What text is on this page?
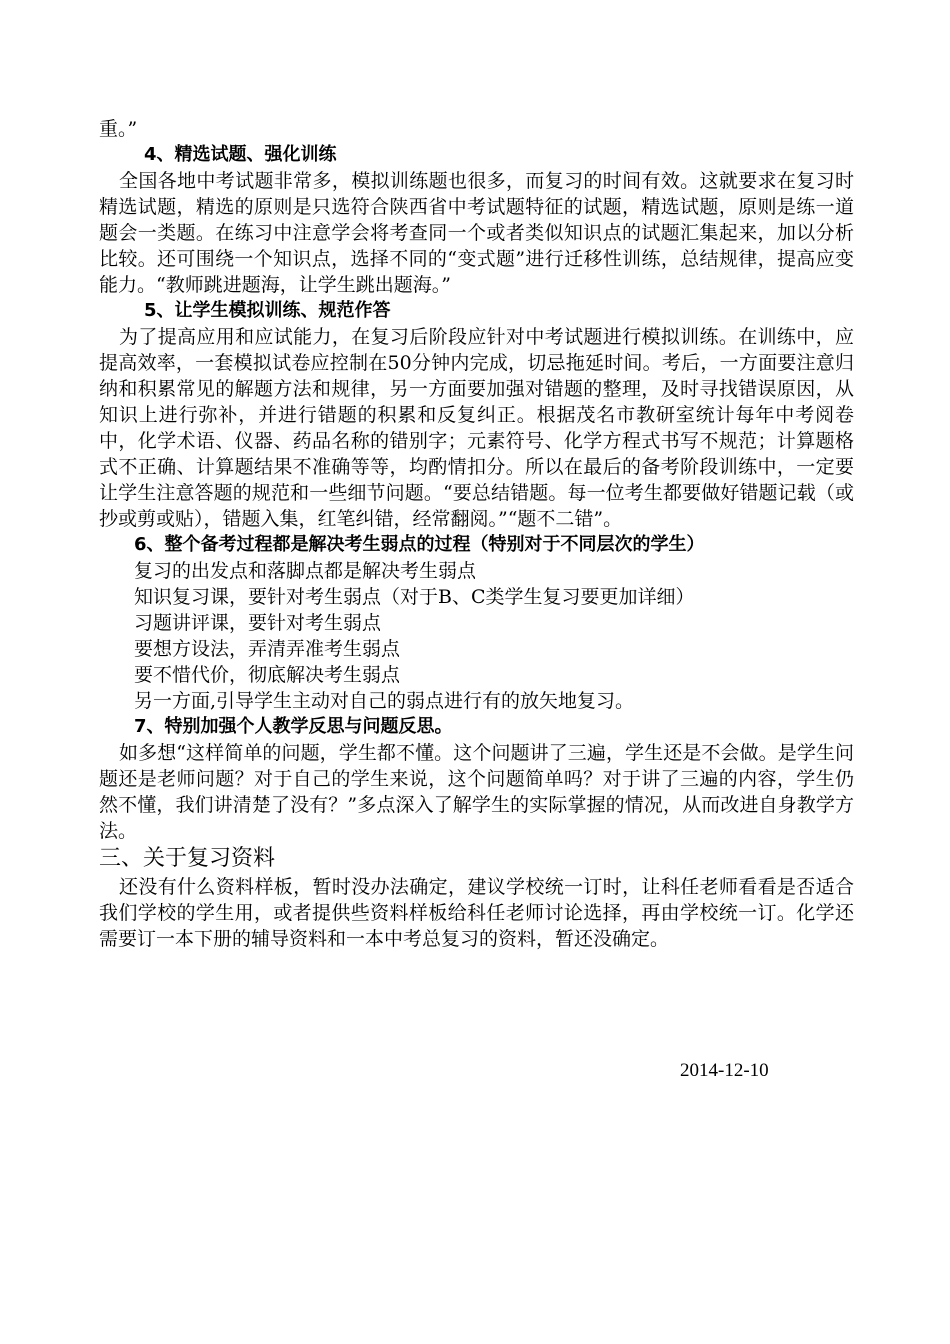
重。”

4、精选试题、强化训练

全国各地中考试题非常多，模拟训练题也很多，而复习的时间有效。这就要求在复习时精选试题，精选的原则是只选符合陕西省中考试题特征的试题，精选试题，原则是练一道题会一类题。在练习中注意学会将考查同一个或者类似知识点的试题汇集起来，加以分析比较。还可围绕一个知识点，选择不同的“变式题”进行迁移性训练，总结规律，提高应变能力。“教师跳进题海，让学生跳出题海。”

5、让学生模拟训练、规范作答

为了提高应用和应试能力，在复习后阶段应针对中考试题进行模拟训练。在训练中，应提高效率，一套模拟试卷应控制在50分钟内完成，切忌拖延时间。考后，一方面要注意归纳和积累常见的解题方法和规律，另一方面要加强对错题的整理，及时寻找错误原因，从知识上进行弥补，并进行错题的积累和反复纠正。根据茂名市教研室统计每年中考阅卷中，化学术语、仪器、药品名称的错别字；元素符号、化学方程式书写不规范；计算题格式不正确、计算题结果不准确等等，均酌情扣分。所以在最后的备考阶段训练中，一定要让学生注意答题的规范和一些细节问题。“要总结错题。每一位考生都要做好错题记载（或抄或剪或贴），错题入集，红笔纠错，经常翻阅。”“题不二错”。

6、整个备考过程都是解决考生弱点的过程（特别对于不同层次的学生）

复习的出发点和落脚点都是解决考生弱点

知识复习课，要针对考生弱点（对于B、C类学生复习要更加详细）

习题讲评课，要针对考生弱点

要想方设法，弄清弄准考生弱点

要不惜代价，彻底解决考生弱点

另一方面,引导学生主动对自己的弱点进行有的放矢地复习。

7、特别加强个人教学反思与问题反思。

如多想“这样简单的问题，学生都不懂。这个问题讲了三遍，学生还是不会做。是学生问题还是老师问题？对于自己的学生来说，这个问题简单吗？对于讲了三遍的内容，学生仍然不懂，我们讲清楚了没有？”多点深入了解学生的实际掌握的情况，从而改进自身教学方法。

三、关于复习资料

还没有什么资料样板，暂时没办法确定，建议学校统一订时，让科任老师看看是否适合我们学校的学生用，或者提供些资料样板给科任老师讨论选择，再由学校统一订。化学还需要订一本下册的辅导资料和一本中考总复习的资料，暂还没确定。

2014-12-10
